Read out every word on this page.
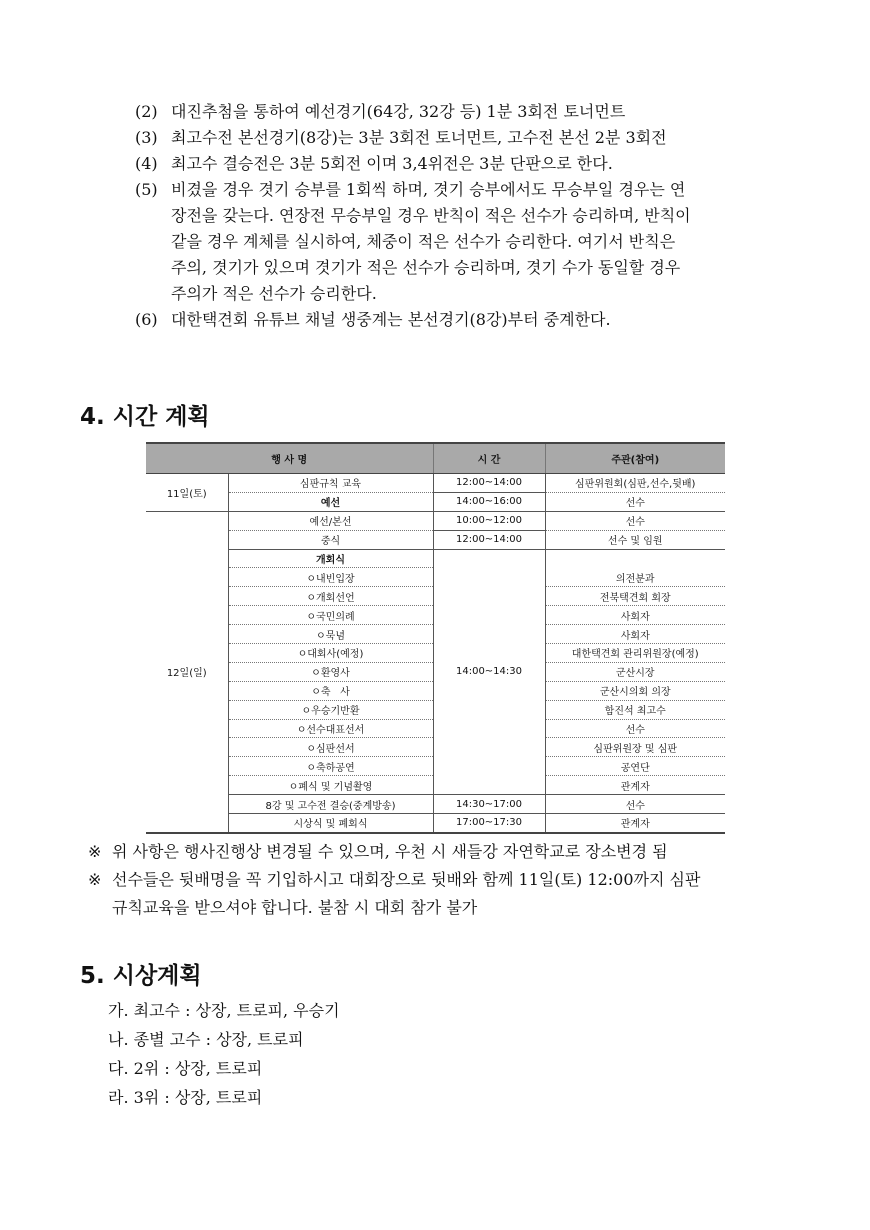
(2) 대진추첨을 통하여 예선경기(64강, 32강 등) 1분 3회전 토너먼트
(3) 최고수전 본선경기(8강)는 3분 3회전 토너먼트, 고수전 본선 2분 3회전
(4) 최고수 결승전은 3분 5회전 이며 3,4위전은 3분 단판으로 한다.
(5) 비겼을 경우 겻기 승부를 1회씩 하며, 겻기 승부에서도 무승부일 경우는 연
장전을 갖는다. 연장전 무승부일 경우 반칙이 적은 선수가 승리하며, 반칙이
같을 경우 계체를 실시하여, 체중이 적은 선수가 승리한다. 여기서 반칙은
주의, 겻기가 있으며 겻기가 적은 선수가 승리하며, 겻기 수가 동일할 경우
주의가 적은 선수가 승리한다.
(6) 대한택견회 유튜브 채널 생중계는 본선경기(8강)부터 중계한다.
4. 시간 계획
행 사 명		시 간	주관(참여)
11일(토)	심판규칙 교육	12:00~14:00	심판위원회(심판,선수,뒷배)
	예선	14:00~16:00	선수
12일(일)	예선/본선	10:00~12:00	선수
	중식	12:00~14:00	선수 및 임원
	개회식	14:00~14:30	
	ㅇ내빈입장		의전분과
	ㅇ개회선언		전북택견회 회장
	ㅇ국민의례		사회자
	ㅇ묵념		사회자
	ㅇ대회사(예정)		대한택견회 관리위원장(예정)
	ㅇ환영사		군산시장
	ㅇ축   사		군산시의회 의장
	ㅇ우승기반환		함진석 최고수
	ㅇ선수대표선서		선수
	ㅇ심판선서		심판위원장 및 심판
	ㅇ축하공연		공연단
	ㅇ폐식 및 기념촬영		관계자
	8강 및 고수전 결승(중계방송)	14:30~17:00	선수
	시상식 및 폐회식	17:00~17:30	관계자
※ 위 사항은 행사진행상 변경될 수 있으며, 우천 시 새들강 자연학교로 장소변경 됨
※ 선수들은 뒷배명을 꼭 기입하시고 대회장으로 뒷배와 함께 11일(토) 12:00까지 심판
규칙교육을 받으셔야 합니다. 불참 시 대회 참가 불가
5. 시상계획
가. 최고수 : 상장, 트로피, 우승기
나. 종별 고수 : 상장, 트로피
다. 2위 : 상장, 트로피
라. 3위 : 상장, 트로피
